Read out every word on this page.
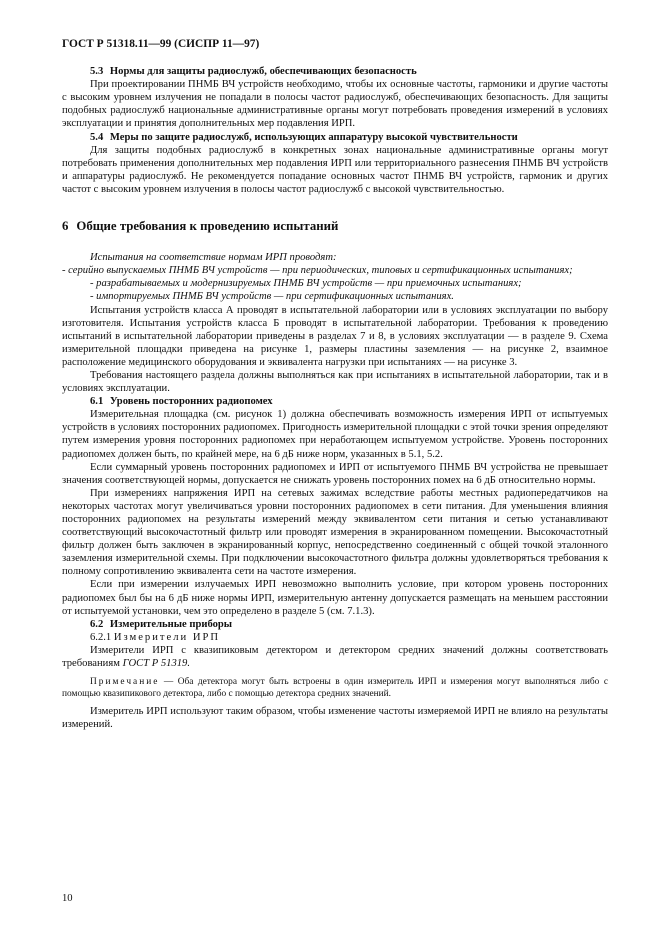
ГОСТ Р 51318.11—99 (СИСПР 11—97)
5.3 Нормы для защиты радиослужб, обеспечивающих безопасность

При проектировании ПНМБ ВЧ устройств необходимо, чтобы их основные частоты, гармоники и другие частоты с высоким уровнем излучения не попадали в полосы частот радиослужб, обеспечивающих безопасность. Для защиты подобных радиослужб национальные административные органы могут потребовать проведения измерений в условиях эксплуатации и принятия дополнительных мер подавления ИРП.

5.4 Меры по защите радиослужб, использующих аппаратуру высокой чувствительности

Для защиты подобных радиослужб в конкретных зонах национальные административные органы могут потребовать применения дополнительных мер подавления ИРП или территориального разнесения ПНМБ ВЧ устройств и аппаратуры радиослужб. Не рекомендуется попадание основных частот ПНМБ ВЧ устройств, гармоник и других частот с высоким уровнем излучения в полосы частот радиослужб с высокой чувствительностью.

6 Общие требования к проведению испытаний

Испытания на соответствие нормам ИРП проводят:

- серийно выпускаемых ПНМБ ВЧ устройств — при периодических, типовых и сертификационных испытаниях;

- разрабатываемых и модернизируемых ПНМБ ВЧ устройств — при приемочных испытаниях;

- импортируемых ПНМБ ВЧ устройств — при сертификационных испытаниях.

Испытания устройств класса А проводят в испытательной лаборатории или в условиях эксплуатации по выбору изготовителя. Испытания устройств класса Б проводят в испытательной лаборатории. Требования к проведению испытаний в испытательной лаборатории приведены в разделах 7 и 8, в условиях эксплуатации — в разделе 9. Схема измерительной площадки приведена на рисунке 1, размеры пластины заземления — на рисунке 2, взаимное расположение медицинского оборудования и эквивалента нагрузки при испытаниях — на рисунке 3.

Требования настоящего раздела должны выполняться как при испытаниях в испытательной лаборатории, так и в условиях эксплуатации.

6.1 Уровень посторонних радиопомех

Измерительная площадка (см. рисунок 1) должна обеспечивать возможность измерения ИРП от испытуемых устройств в условиях посторонних радиопомех. Пригодность измерительной площадки с этой точки зрения определяют путем измерения уровня посторонних радиопомех при неработающем испытуемом устройстве. Уровень посторонних радиопомех должен быть, по крайней мере, на 6 дБ ниже норм, указанных в 5.1, 5.2.

Если суммарный уровень посторонних радиопомех и ИРП от испытуемого ПНМБ ВЧ устройства не превышает значения соответствующей нормы, допускается не снижать уровень посторонних помех на 6 дБ относительно нормы.

При измерениях напряжения ИРП на сетевых зажимах вследствие работы местных радиопередатчиков на некоторых частотах могут увеличиваться уровни посторонних радиопомех в сети питания. Для уменьшения влияния посторонних радиопомех на результаты измерений между эквивалентом сети питания и сетью устанавливают соответствующий высокочастотный фильтр или проводят измерения в экранированном помещении. Высокочастотный фильтр должен быть заключен в экранированный корпус, непосредственно соединенный с общей точкой эталонного заземления измерительной схемы. При подключении высокочастотного фильтра должны удовлетворяться требования к полному сопротивлению эквивалента сети на частоте измерения.

Если при измерении излучаемых ИРП невозможно выполнить условие, при котором уровень посторонних радиопомех был бы на 6 дБ ниже нормы ИРП, измерительную антенну допускается размещать на меньшем расстоянии от испытуемой установки, чем это определено в разделе 5 (см. 7.1.3).

6.2 Измерительные приборы

6.2.1 Измерители ИРП

Измерители ИРП с квазипиковым детектором и детектором средних значений должны соответствовать требованиям ГОСТ Р 51319.

Примечание — Оба детектора могут быть встроены в один измеритель ИРП и измерения могут выполняться либо с помощью квазипикового детектора, либо с помощью детектора средних значений.

Измеритель ИРП используют таким образом, чтобы изменение частоты измеряемой ИРП не влияло на результаты измерений.

10
